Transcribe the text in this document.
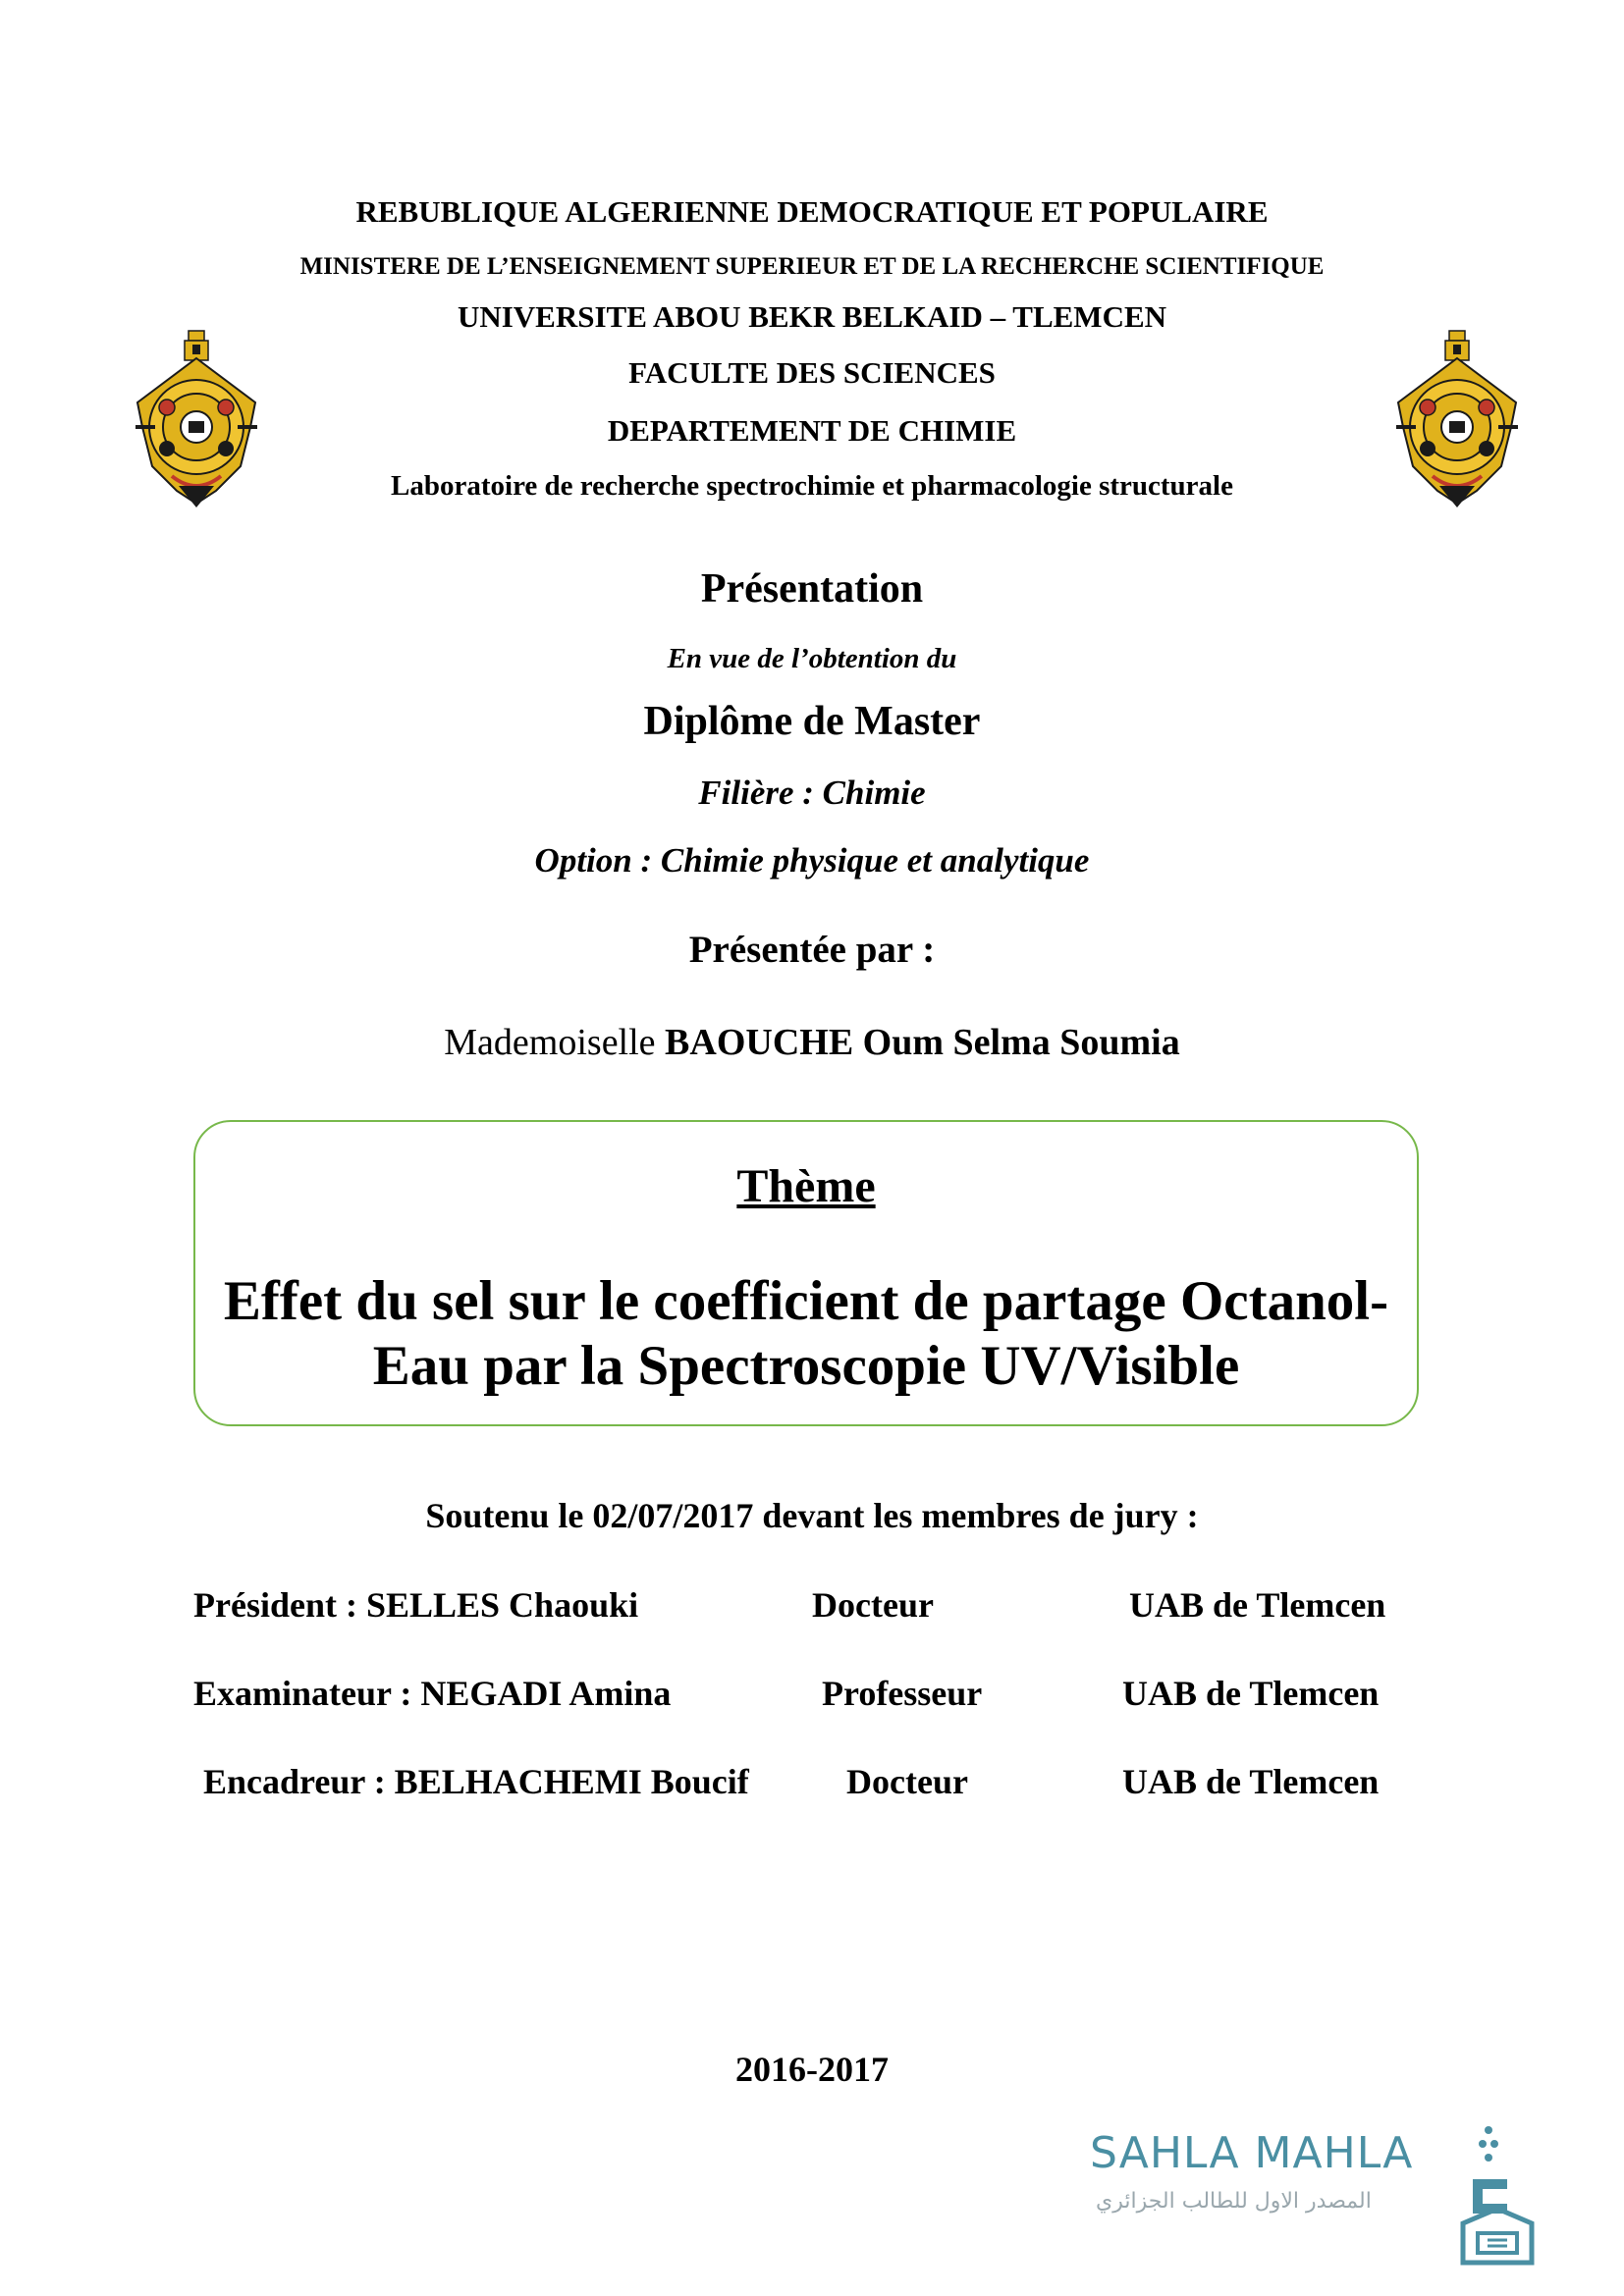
REBUBLIQUE ALGERIENNE DEMOCRATIQUE ET POPULAIRE
MINISTERE DE L’ENSEIGNEMENT SUPERIEUR ET DE LA RECHERCHE SCIENTIFIQUE
UNIVERSITE ABOU BEKR BELKAID – TLEMCEN
FACULTE DES SCIENCES
DEPARTEMENT DE CHIMIE
Laboratoire de recherche spectrochimie et pharmacologie structurale
Présentation
En vue de l’obtention du
Diplôme de Master
Filière : Chimie
Option : Chimie physique et analytique
Présentée par :
Mademoiselle BAOUCHE Oum Selma Soumia
Thème
Effet du sel sur le coefficient de partage Octanol-
Eau par la Spectroscopie UV/Visible
Soutenu le 02/07/2017 devant les membres de jury :
Président : SELLES Chaouki	Docteur	UAB de Tlemcen
Examinateur : NEGADI Amina	Professeur	UAB de Tlemcen
Encadreur : BELHACHEMI Boucif	Docteur	UAB de Tlemcen
2016-2017
SAHLA MAHLA
المصدر الاول للطالب الجزائري
